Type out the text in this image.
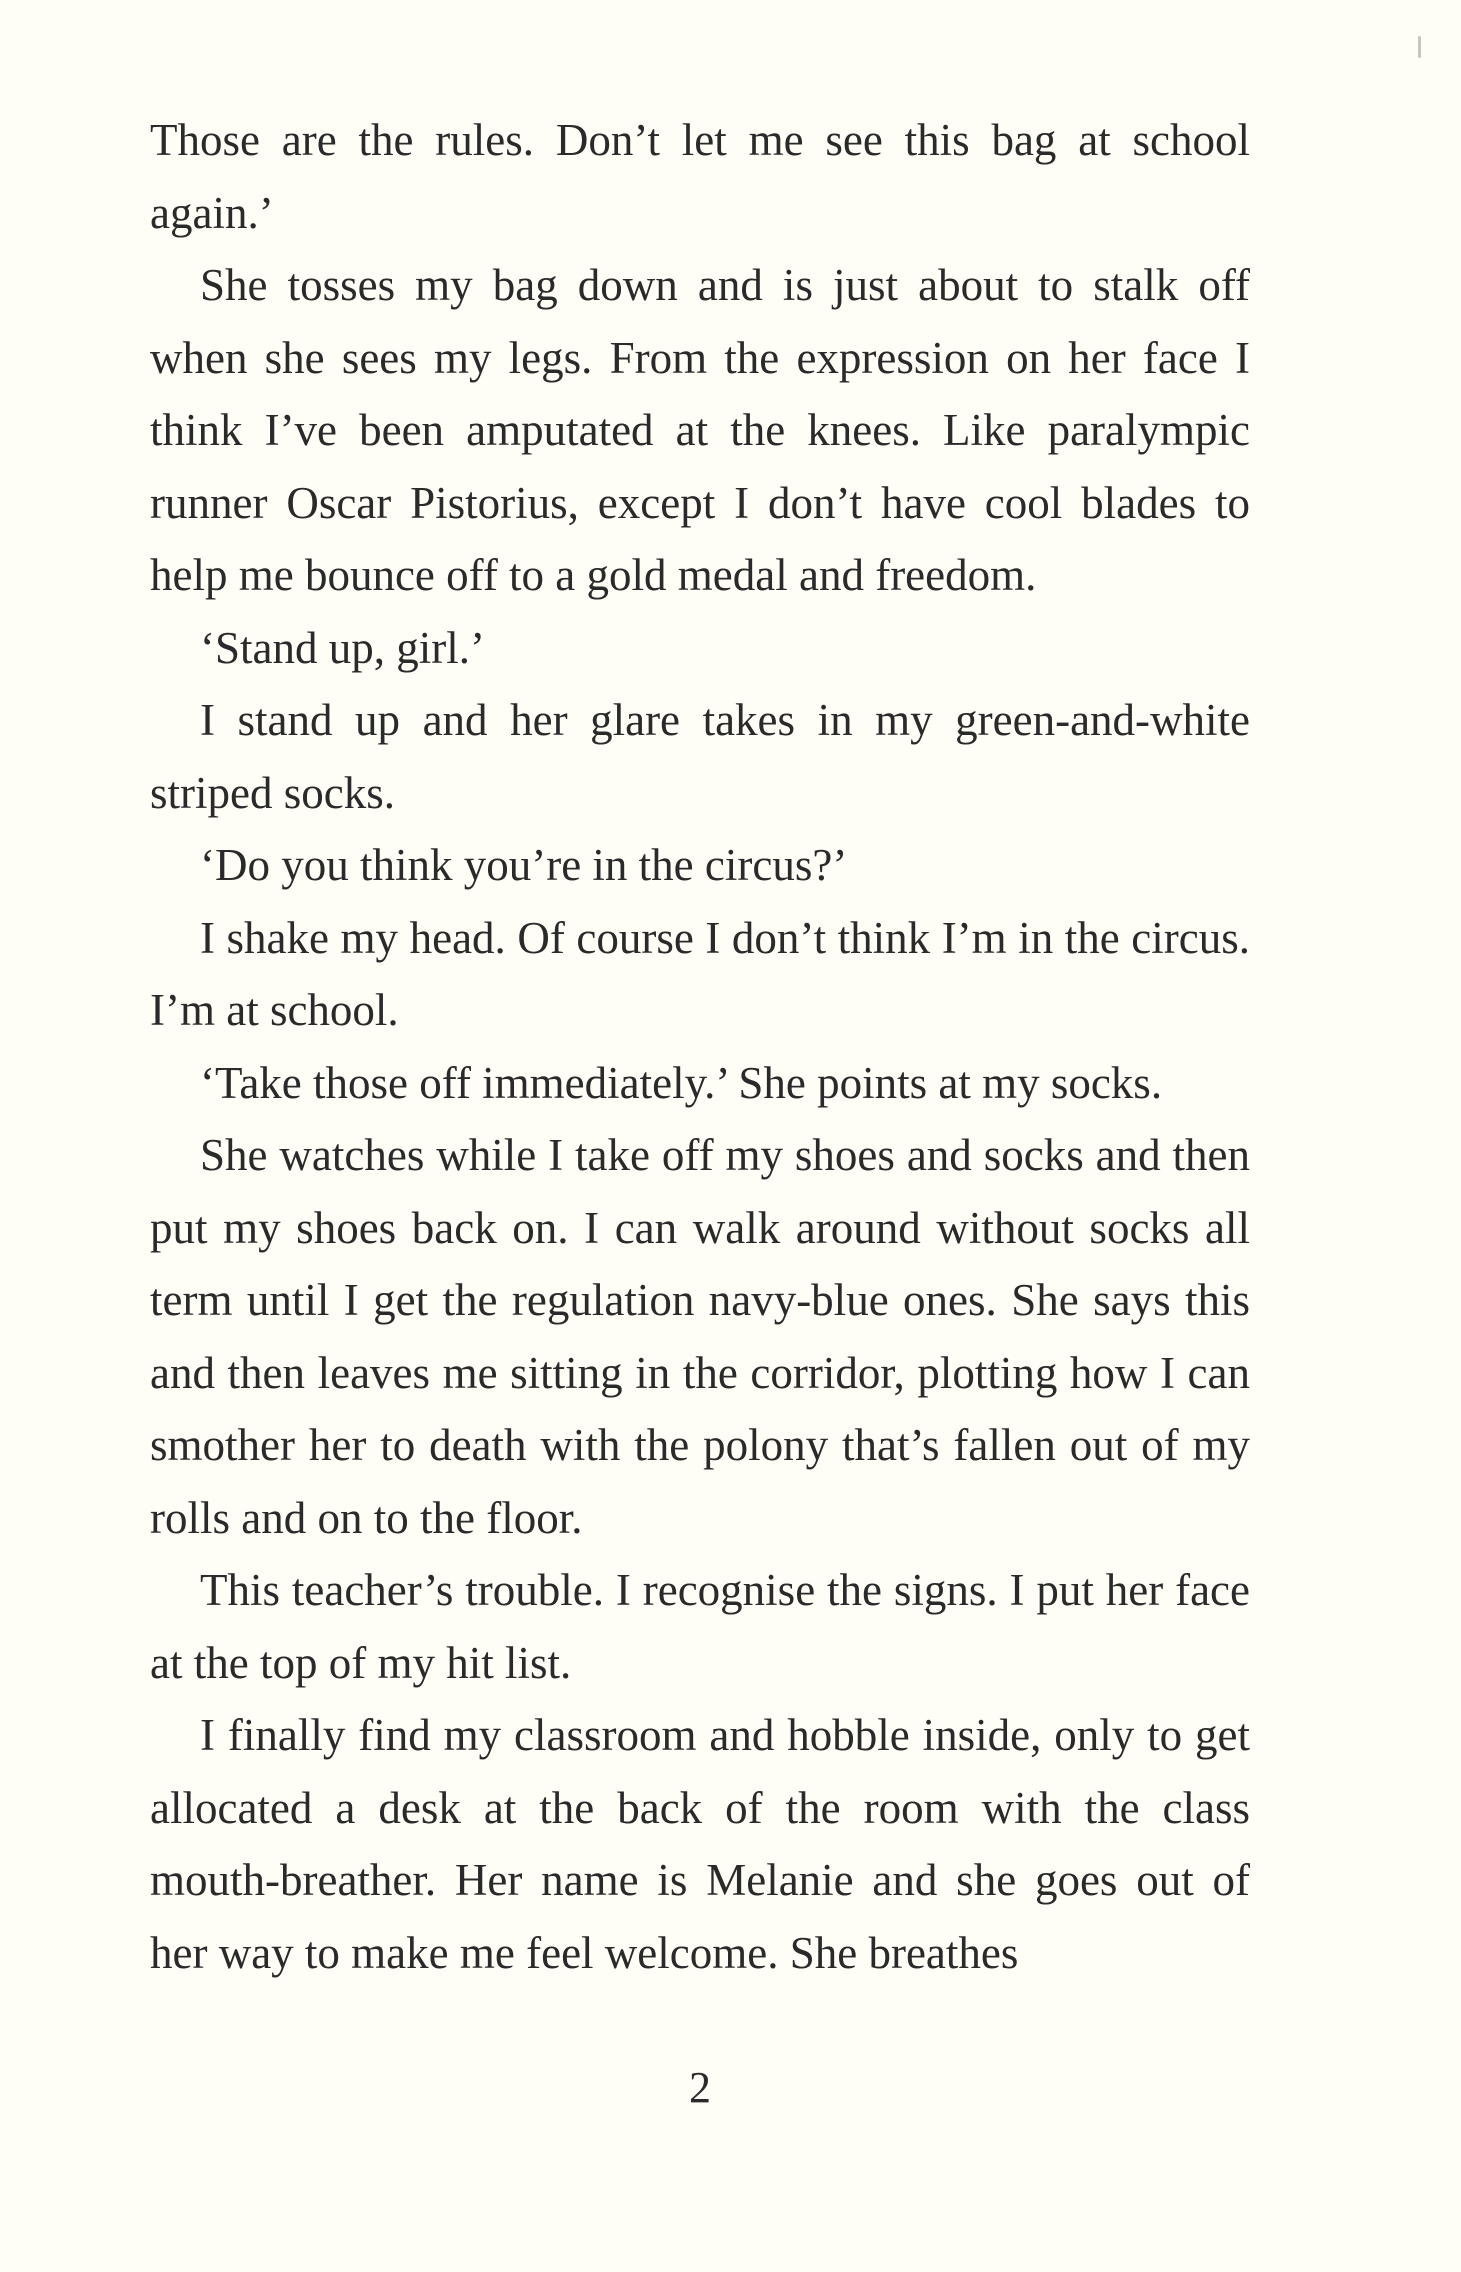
Those are the rules. Don’t let me see this bag at school again.’

She tosses my bag down and is just about to stalk off when she sees my legs. From the expression on her face I think I’ve been amputated at the knees. Like paralympic runner Oscar Pistorius, except I don’t have cool blades to help me bounce off to a gold medal and freedom.

‘Stand up, girl.’

I stand up and her glare takes in my green-and-white striped socks.

‘Do you think you’re in the circus?’

I shake my head. Of course I don’t think I’m in the circus. I’m at school.

‘Take those off immediately.’ She points at my socks.

She watches while I take off my shoes and socks and then put my shoes back on. I can walk around without socks all term until I get the regulation navy-blue ones. She says this and then leaves me sitting in the corridor, plotting how I can smother her to death with the polony that’s fallen out of my rolls and on to the floor.

This teacher’s trouble. I recognise the signs. I put her face at the top of my hit list.

I finally find my classroom and hobble inside, only to get allocated a desk at the back of the room with the class mouth-breather. Her name is Melanie and she goes out of her way to make me feel welcome. She breathes

2
